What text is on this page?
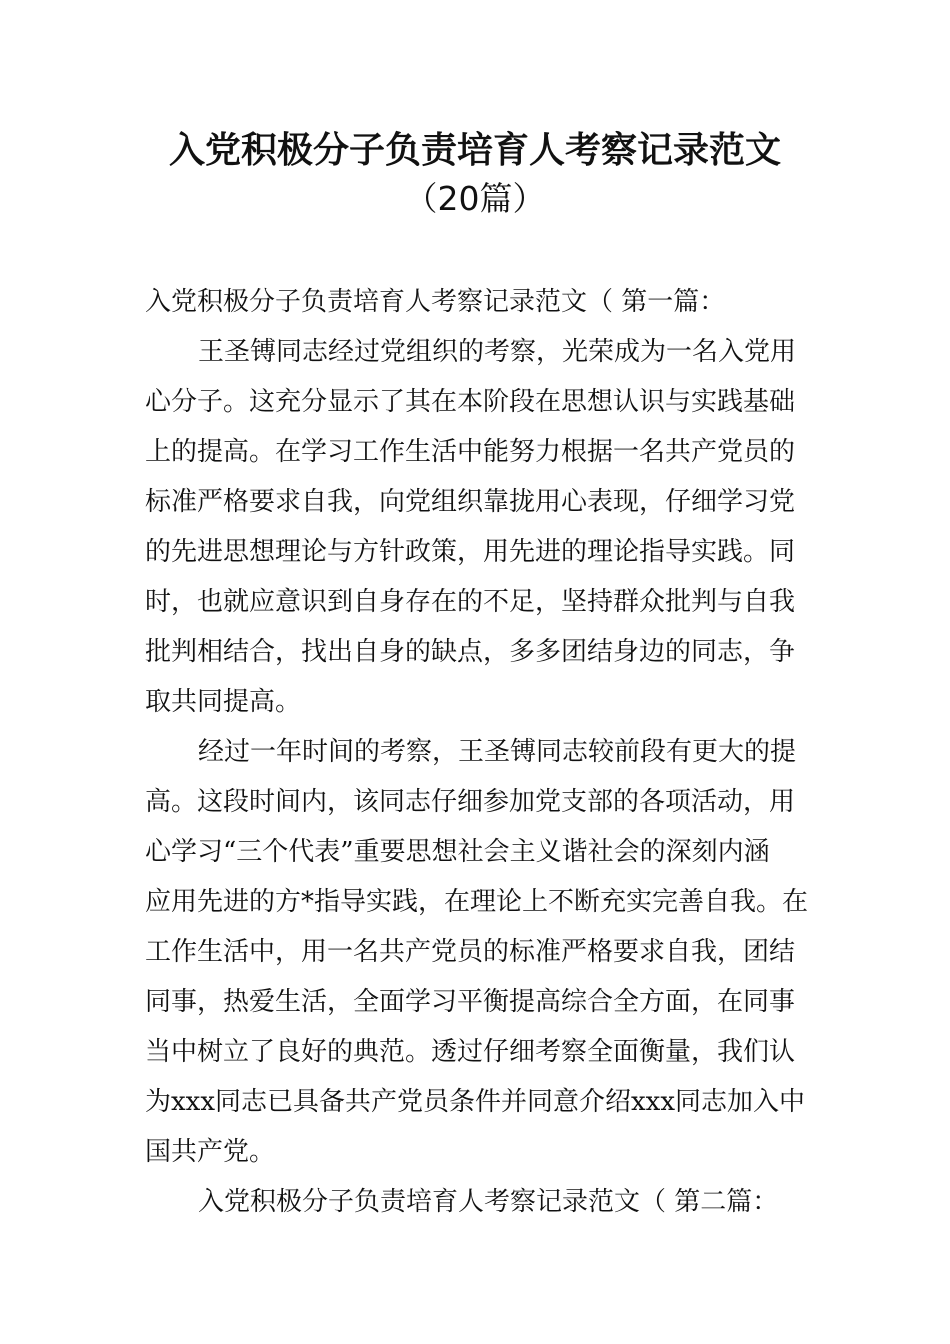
入党积极分子负责培育人考察记录范文
（20篇）
入党积极分子负责培育人考察记录范文（ 第一篇：
王圣镈同志经过党组织的考察，光荣成为一名入党用
心分子。这充分显示了其在本阶段在思想认识与实践基础
上的提高。在学习工作生活中能努力根据一名共产党员的
标准严格要求自我，向党组织靠拢用心表现，仔细学习党
的先进思想理论与方针政策，用先进的理论指导实践。同
时，也就应意识到自身存在的不足，坚持群众批判与自我
批判相结合，找出自身的缺点，多多团结身边的同志，争
取共同提高。
经过一年时间的考察，王圣镈同志较前段有更大的提
高。这段时间内，该同志仔细参加党支部的各项活动，用
心学习“三个代表”重要思想社会主义谐社会的深刻内涵
应用先进的方*指导实践，在理论上不断充实完善自我。在
工作生活中，用一名共产党员的标准严格要求自我，团结
同事，热爱生活，全面学习平衡提高综合全方面，在同事
当中树立了良好的典范。透过仔细考察全面衡量，我们认
为xxx同志已具备共产党员条件并同意介绍xxx同志加入中
国共产党。
入党积极分子负责培育人考察记录范文（ 第二篇：
